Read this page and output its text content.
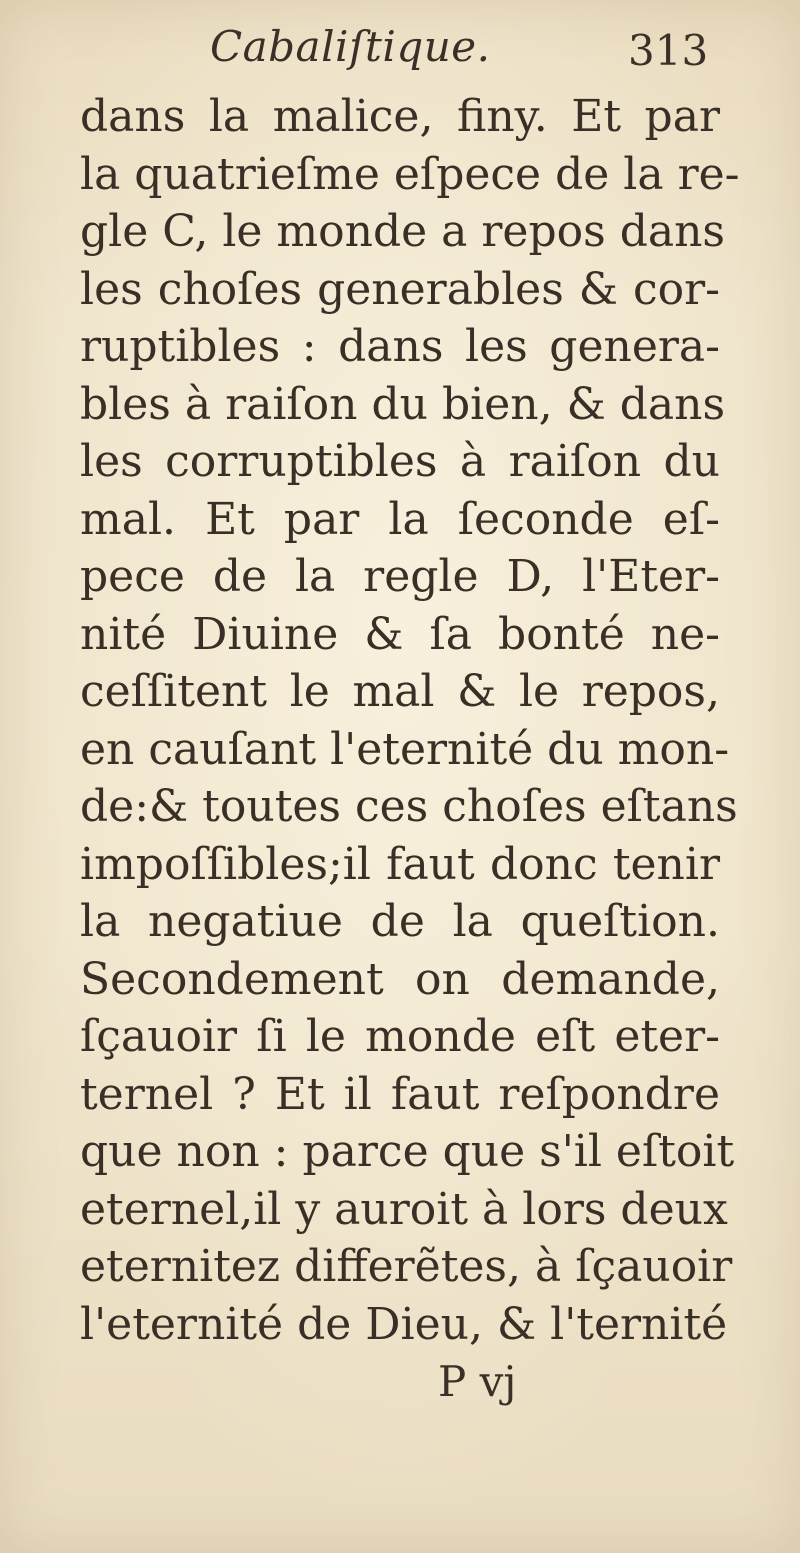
Cabaliſtique.	313
dans la malice, finy. Et par
la quatrieſme eſpece de la re-
gle C, le monde a repos dans
les choſes generables & cor-
ruptibles : dans les genera-
bles à raiſon du bien, & dans
les corruptibles à raiſon du
mal. Et par la ſeconde eſ-
pece de la regle D, l'Eter-
nité Diuine & ſa bonté ne-
ceſſitent le mal & le repos,
en cauſant l'eternité du mon-
de:& toutes ces choſes eſtans
impoſſibles;il faut donc tenir
la negatiue de la queſtion.
Secondement on demande,
ſçauoir ſi le monde eſt eter-
ternel ? Et il faut reſpondre
que non : parce que s'il eſtoit
eternel,il y auroit à lors deux
eternitez differẽtes, à ſçauoir
l'eternité de Dieu, & l'ternité
P vj
